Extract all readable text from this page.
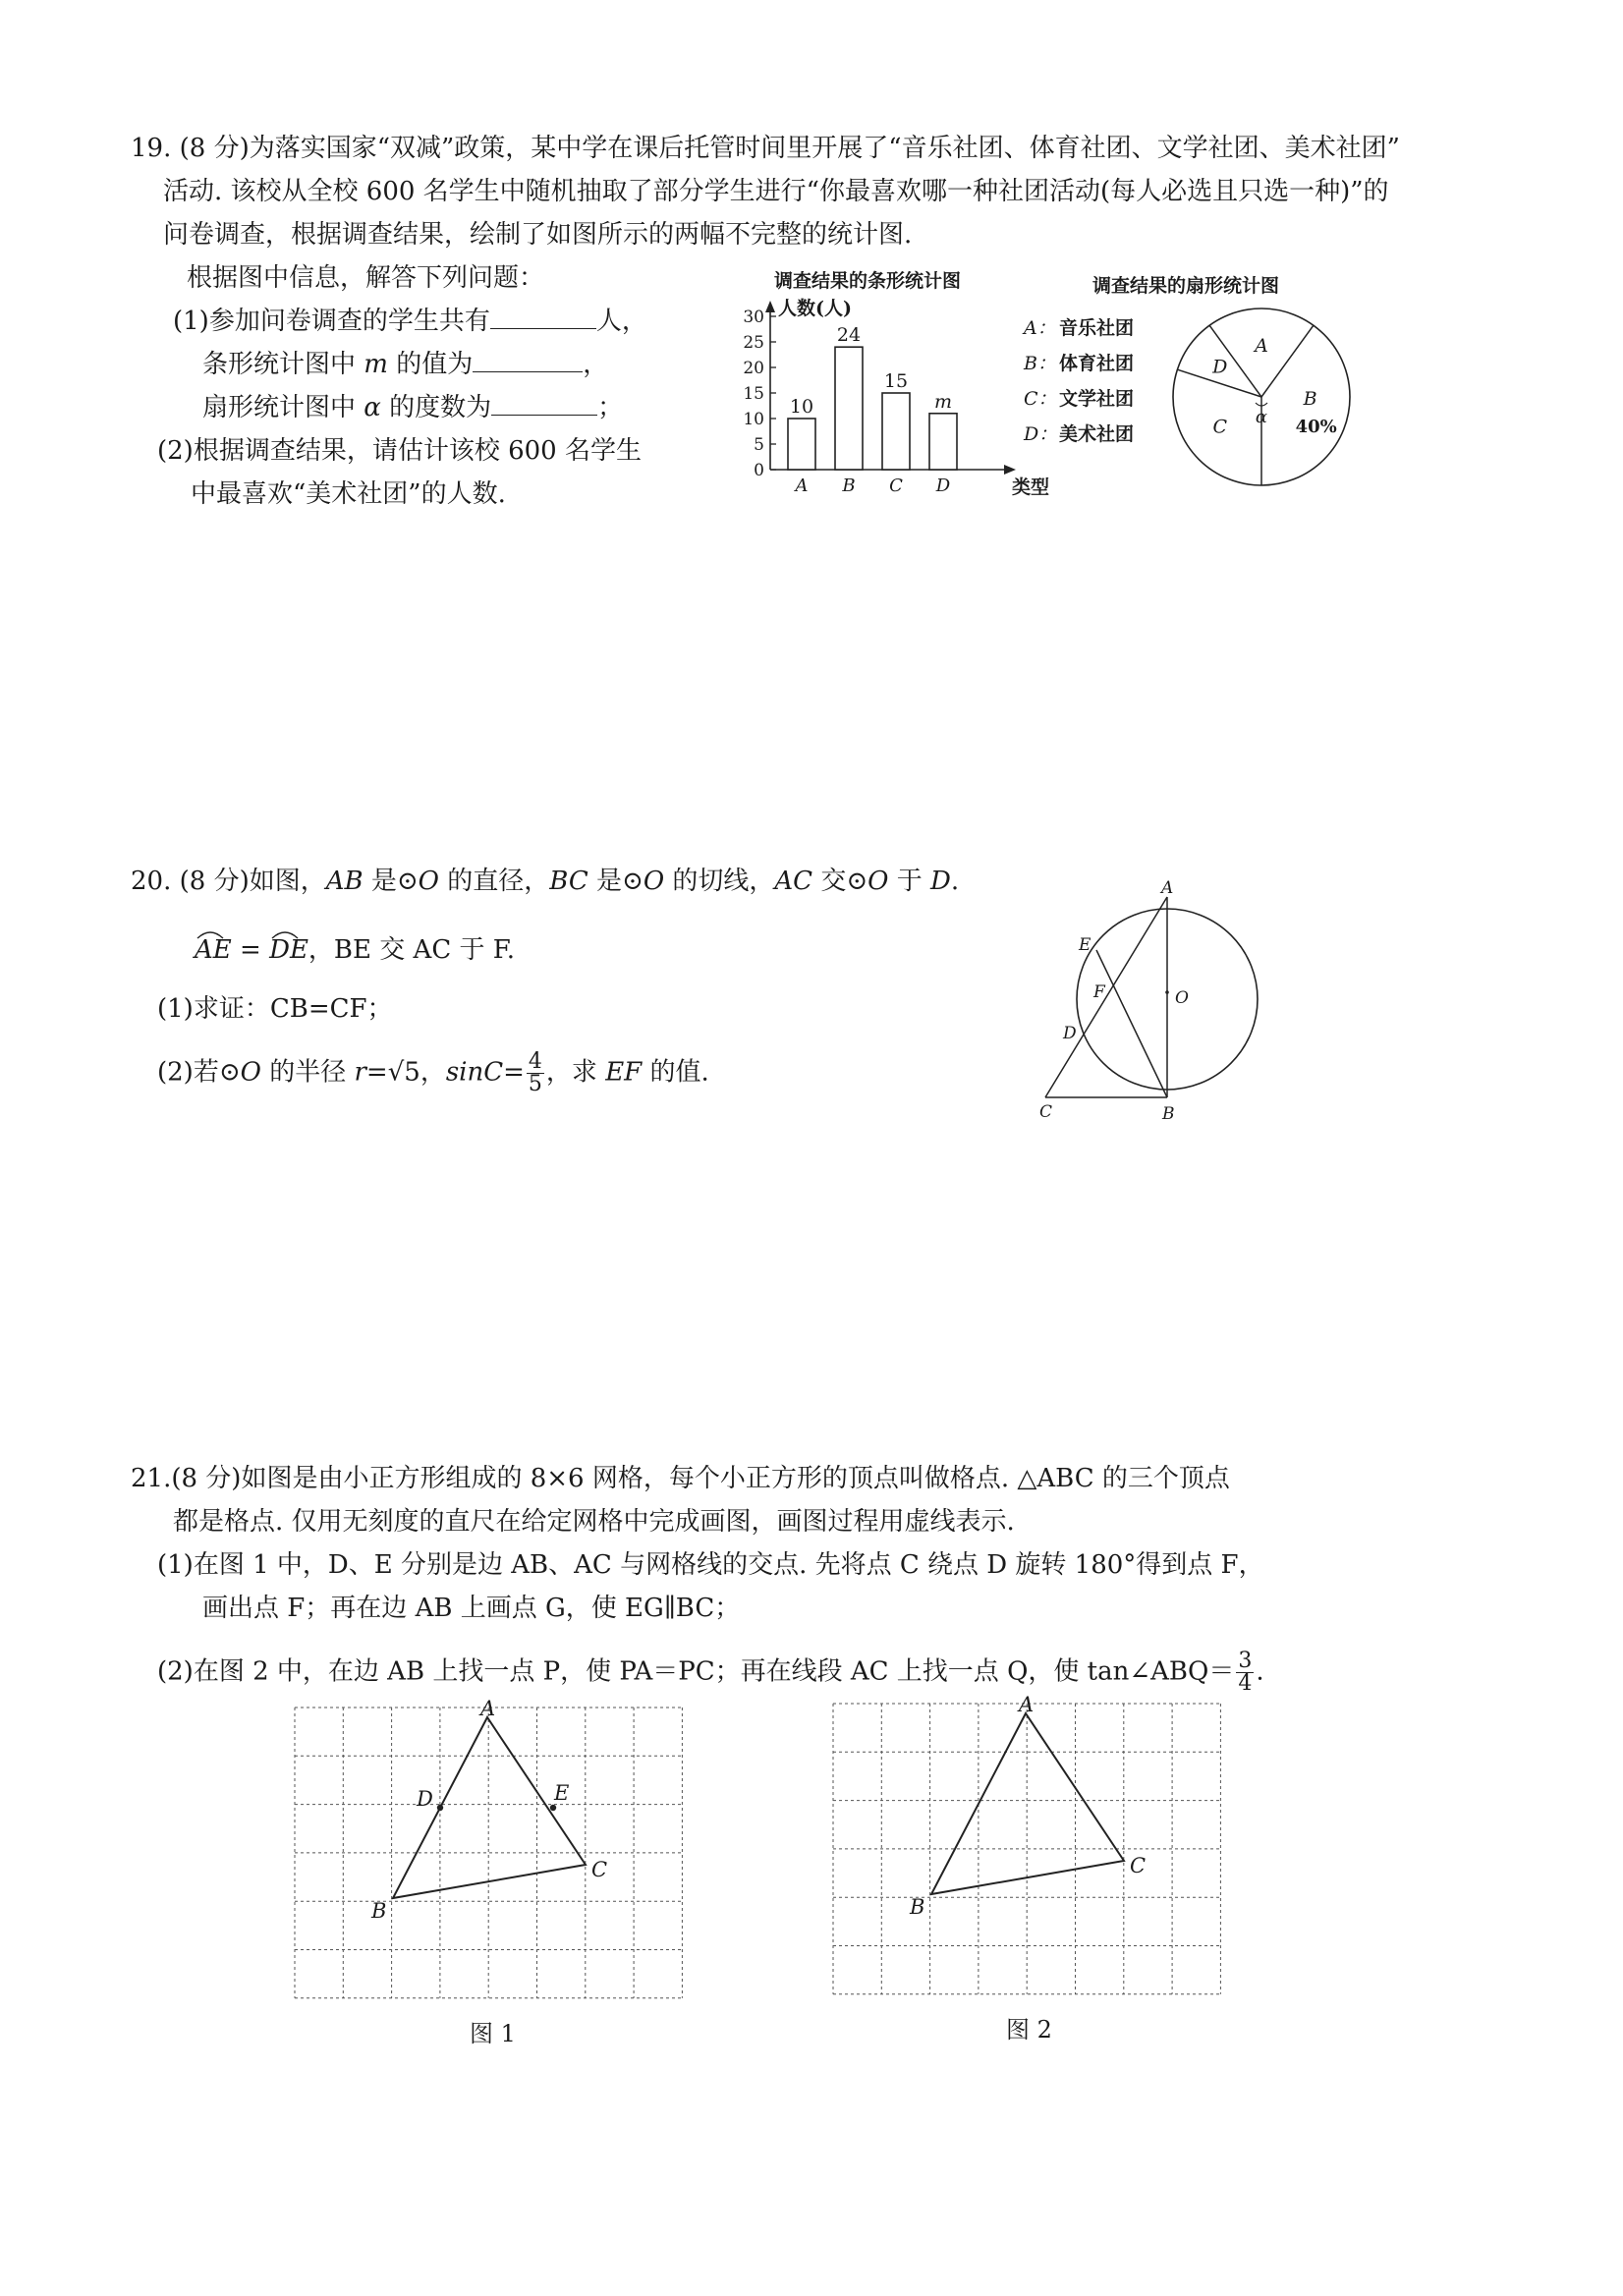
19. (8 分)为落实国家“双减”政策，某中学在课后托管时间里开展了“音乐社团、体育社团、文学社团、美术社团”
活动. 该校从全校 600 名学生中随机抽取了部分学生进行“你最喜欢哪一种社团活动(每人必选且只选一种)”的
问卷调查，根据调查结果，绘制了如图所示的两幅不完整的统计图.
根据图中信息，解答下列问题：
(1)参加问卷调查的学生共有	人，
条形统计图中 m 的值为	，
扇形统计图中 α 的度数为	；
(2)根据调查结果，请估计该校 600 名学生
中最喜欢“美术社团”的人数.
调查结果的条形统计图
人数(人)
类型
0
5
10
15
20
25
30
10
A
24
B
15
C
m
D
调查结果的扇形统计图
A： 音乐社团
B： 体育社团
C： 文学社团
D： 美术社团
A
B
40%
C
D
α
20. (8 分)如图，AB 是⊙O 的直径，BC 是⊙O 的切线，AC 交⊙O 于 D.
AE
= DE
，BE 交 AC 于 F.
(1)求证：CB=CF；
(2)若⊙O 的半径 r=√5，$\sin C= \frac{4}{5}$ ，求 EF 的值.
A
E
F	O
D
C	B
21.(8 分)如图是由小正方形组成的 8×6 网格，每个小正方形的顶点叫做格点. △ABC 的三个顶点
都是格点. 仅用无刻度的直尺在给定网格中完成画图，画图过程用虚线表示.
(1)在图 1 中，D、E 分别是边 AB、AC 与网格线的交点. 先将点 C 绕点 D 旋转 180°得到点 F，
画出点 F；再在边 AB 上画点 G，使 EG∥BC；
(2)在图 2 中，在边 AB 上找一点 P，使 PA＝PC；再在线段 AC 上找一点 Q，使 tan∠ABQ＝ $\frac{3}{4}$ .
A
B
C
D	E
图 1
A
B
C
图 2
